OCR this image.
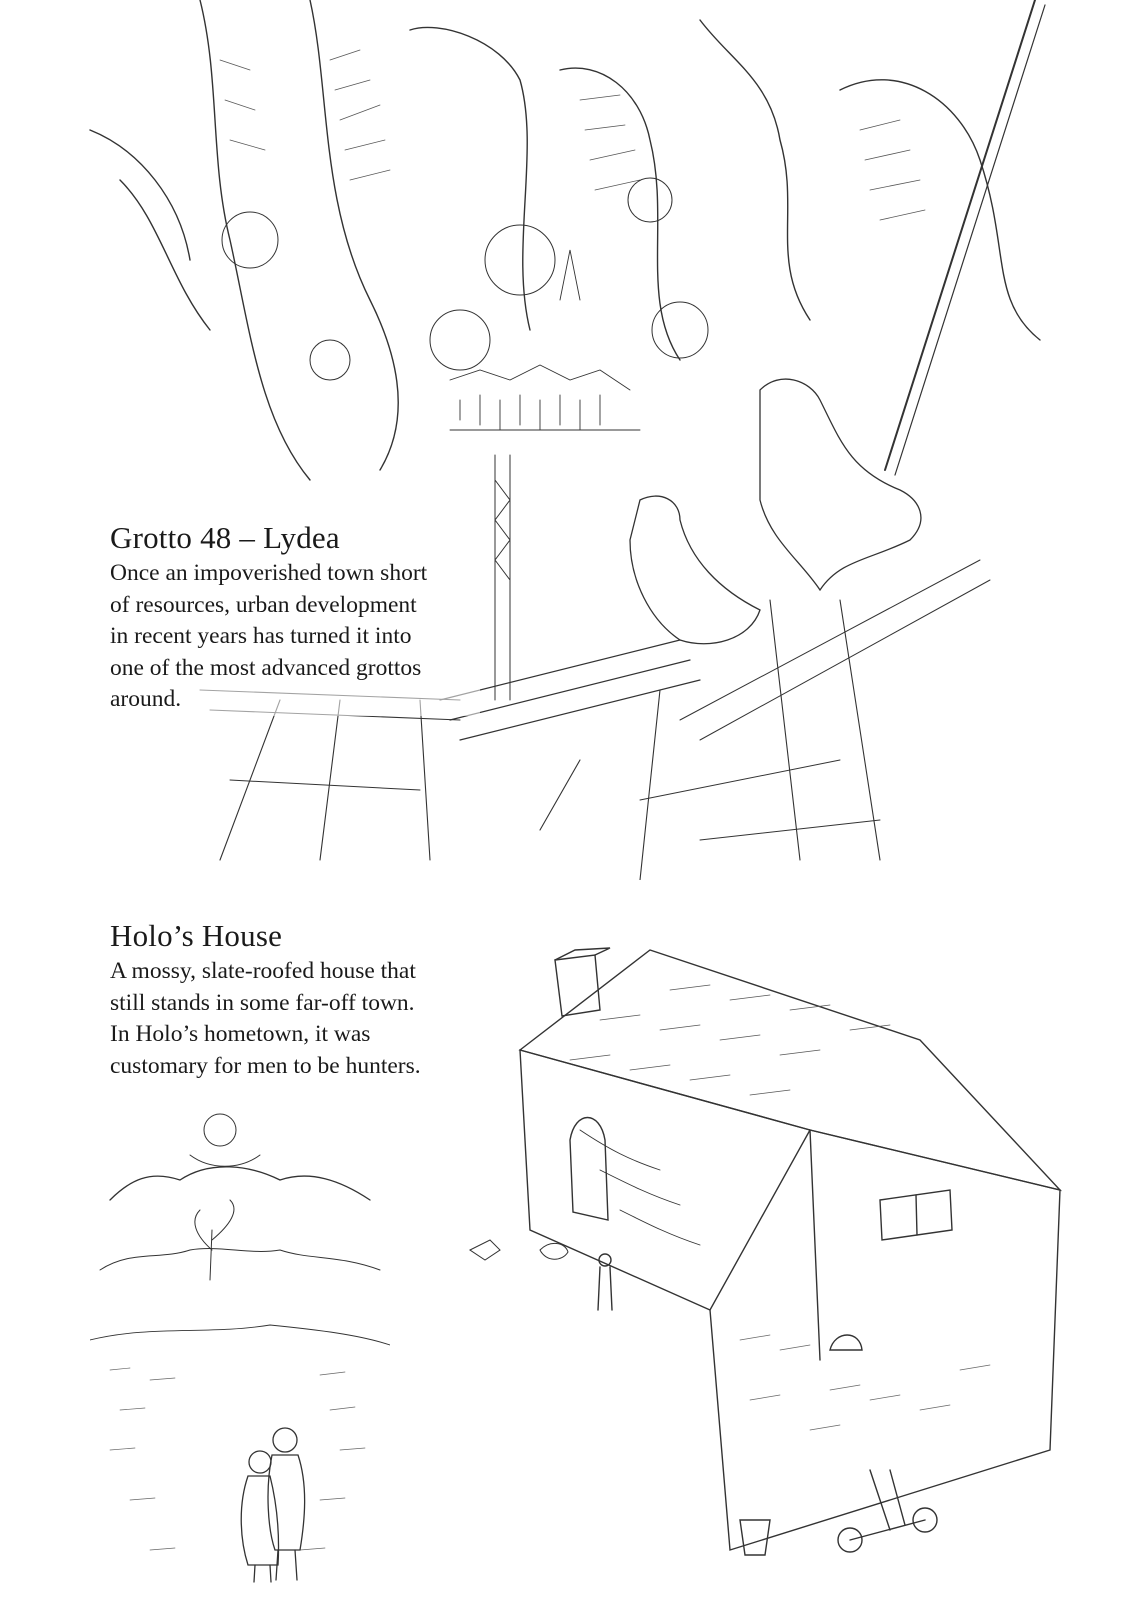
Grotto 48 – Lydea

Once an impoverished town short
of resources, urban development
in recent years has turned it into
one of the most advanced grottos
around.

Holo’s House

A mossy, slate-roofed house that
still stands in some far-off town.
In Holo’s hometown, it was
customary for men to be hunters.
